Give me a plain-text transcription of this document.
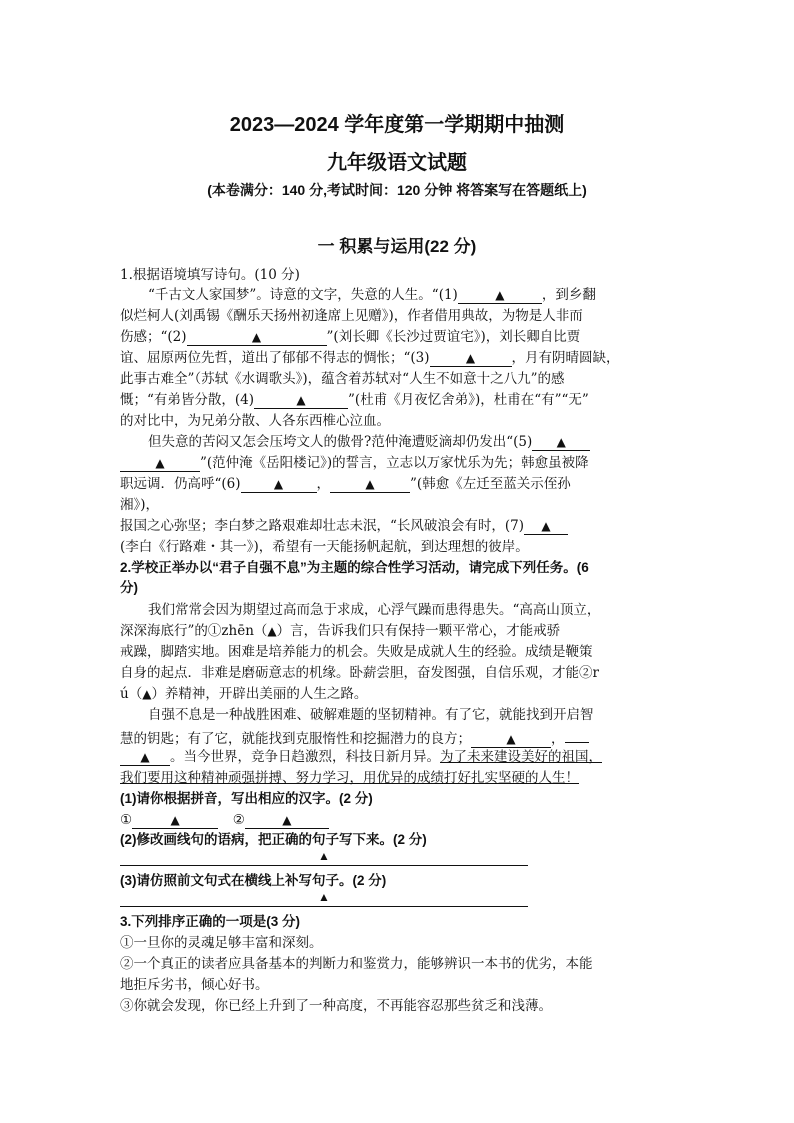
2023—2024 学年度第一学期期中抽测
九年级语文试题
(本卷满分：140 分,考试时间：120 分钟 将答案写在答题纸上)
一 积累与运用(22 分)
1.根据语境填写诗句。(10 分)
“千古文人家国梦”。诗意的文字，失意的人生。“(1)	▲	，到乡翻
似烂柯人(刘禹锡《酬乐天扬州初逢席上见赠》)，作者借用典故，为物是人非而
伤感；“(2)	▲	”(刘长卿《长沙过贾谊宅》)，刘长卿自比贾
谊、屈原两位先哲，道出了郁郁不得志的惆怅；“(3)	▲	，月有阴晴圆缺，
此事古难全”（苏轼《水调歌头》)，蕴含着苏轼对“人生不如意十之八九”的感
慨；“有弟皆分散，(4)	▲	”(杜甫《月夜忆舍弟》)，杜甫在“有”“无”
的对比中，为兄弟分散、人各东西椎心泣血。
但失意的苦闷又怎会压垮文人的傲骨?范仲淹遭贬滴却仍发出“(5) ▲
▲	”(范仲淹《岳阳楼记》)的誓言，立志以万家忧乐为先；韩愈虽被降
职远调．仍高呼“(6)	▲ ，	▲	”(韩愈《左迁至蓝关示侄孙
湘》)，
报国之心弥坚；李白梦之路艰难却壮志未泯，“长风破浪会有时，(7) ▲
(李白《行路难・其一》)，希望有一天能扬帆起航，到达理想的彼岸。
2.学校正举办以“君子自强不息”为主题的综合性学习活动，请完成下列任务。(6
分)
我们常常会因为期望过高而急于求成，心浮气躁而患得患失。“高高山顶立，
深深海底行”的①zhēn（▲）言，告诉我们只有保持一颗平常心，才能戒骄
戒躁，脚踏实地。困难是培养能力的机会。失败是成就人生的经验。成绩是鞭策
自身的起点．非难是磨砺意志的机缘。卧薪尝胆，奋发图强，自信乐观，才能②r
ú（▲）养精神，开辟出美丽的人生之路。
自强不息是一种战胜困难、破解难题的坚韧精神。有了它，就能找到开启智
慧的钥匙；有了它，就能找到克服惰性和挖掘潜力的良方；	▲	，
▲ 。当今世界，竞争日趋激烈，科技日新月异。为了未来建设美好的祖国，
我们要用这种精神顽强拼搏、努力学习，用优异的成绩打好扎实坚硬的人生！
(1)请你根据拼音，写出相应的汉字。(2 分)
①	▲	②	▲
(2)修改画线句的语病，把正确的句子写下来。(2 分)
▲
(3)请仿照前文句式在横线上补写句子。(2 分)
▲
3.下列排序正确的一项是(3 分)
①一旦你的灵魂足够丰富和深刻。
②一个真正的读者应具备基本的判断力和鉴赏力，能够辨识一本书的优劣，本能
地拒斥劣书，倾心好书。
③你就会发现，你已经上升到了一种高度，不再能容忍那些贫乏和浅薄。
